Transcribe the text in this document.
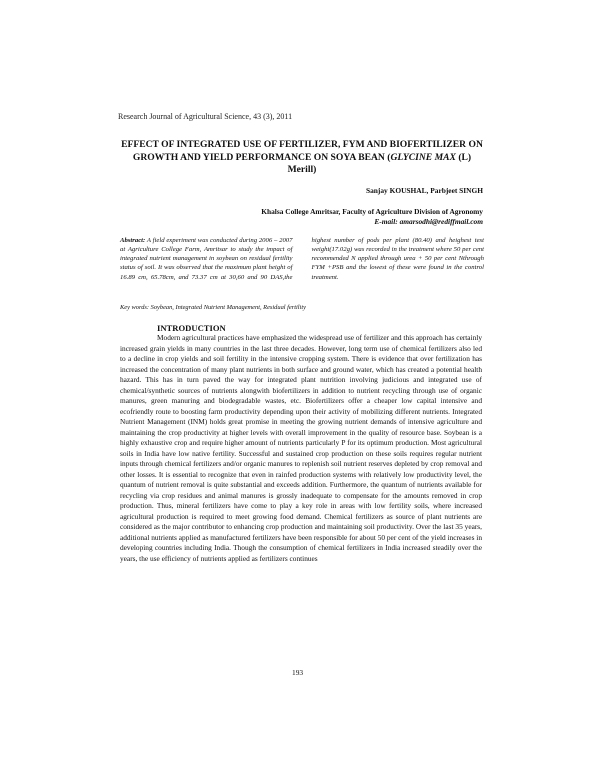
Research Journal of Agricultural Science, 43 (3), 2011
EFFECT OF INTEGRATED USE OF FERTILIZER, FYM AND BIOFERTILIZER ON GROWTH AND YIELD PERFORMANCE ON SOYA BEAN (GLYCINE MAX (L) Merill)
Sanjay KOUSHAL, Parbjeet SINGH
Khalsa College Amritsar, Faculty of Agriculture Division of Agronomy
E-mail: amarsodhi@rediffmail.com
Abstract: A field experiment was conducted during 2006 – 2007 at Agriculture College Farm, Amritsar to study the impact of integrated nutrient management in soybean on residual fertility status of soil. It was observed that the maximum plant height of 16.89 cm, 65.78cm, and 73.37 cm at 30,60 and 90 DAS,the highest number of pods per plant (80.40) and heighest test weight(17.02g) was recorded in the treatment where 50 per cent recommended N applied through urea + 50 per cent Nthrough FYM +PSB and the lowest of these were found in the control treatment.
Key words: Soybean, Integrated Nutrient Management, Residual fertility
INTRODUCTION

Modern agricultural practices have emphasized the widespread use of fertilizer and this approach has certainly increased grain yields in many countries in the last three decades. However, long term use of chemical fertilizers also led to a decline in crop yields and soil fertility in the intensive cropping system. There is evidence that over fertilization has increased the concentration of many plant nutrients in both surface and ground water, which has created a potential health hazard. This has in turn paved the way for integrated plant nutrition involving judicious and integrated use of chemical/synthetic sources of nutrients alongwith biofertilizers in addition to nutrient recycling through use of organic manures, green manuring and biodegradable wastes, etc. Biofertilizers offer a cheaper low capital intensive and ecofriendly route to boosting farm productivity depending upon their activity of mobilizing different nutrients. Integrated Nutrient Management (INM) holds great promise in meeting the growing nutrient demands of intensive agriculture and maintaining the crop productivity at higher levels with overall improvement in the quality of resource base. Soybean is a highly exhaustive crop and require higher amount of nutrients particularly P for its optimum production. Most agricultural soils in India have low native fertility. Successful and sustained crop production on these soils requires regular nutrient inputs through chemical fertilizers and/or organic manures to replenish soil nutrient reserves depleted by crop removal and other losses. It is essential to recognize that even in rainfed production systems with relatively low productivity level, the quantum of nutrient removal is quite substantial and exceeds addition. Furthermore, the quantum of nutrients available for recycling via crop residues and animal manures is grossly inadequate to compensate for the amounts removed in crop production. Thus, mineral fertilizers have come to play a key role in areas with low fertility soils, where increased agricultural production is required to meet growing food demand. Chemical fertilizers as source of plant nutrients are considered as the major contributor to enhancing crop production and maintaining soil productivity. Over the last 35 years, additional nutrients applied as manufactured fertilizers have been responsible for about 50 per cent of the yield increases in developing countries including India. Though the consumption of chemical fertilizers in India increased steadily over the years, the use efficiency of nutrients applied as fertilizers continues

193
